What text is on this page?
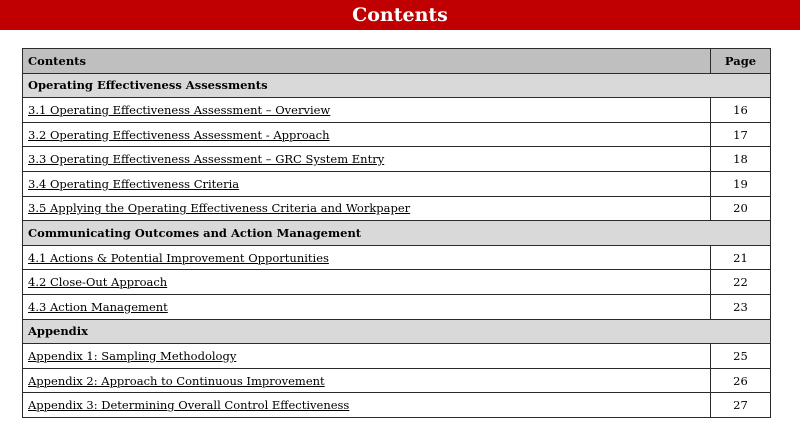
Contents
Contents	Page
Operating Effectiveness Assessments	
3.1 Operating Effectiveness Assessment – Overview	16
3.2 Operating Effectiveness Assessment - Approach	17
3.3 Operating Effectiveness Assessment – GRC System Entry	18
3.4 Operating Effectiveness Criteria	19
3.5 Applying the Operating Effectiveness Criteria and Workpaper	20
Communicating Outcomes and Action Management	
4.1 Actions & Potential Improvement Opportunities	21
4.2 Close-Out Approach	22
4.3 Action Management	23
Appendix	
Appendix 1: Sampling Methodology	25
Appendix 2: Approach to Continuous Improvement	26
Appendix 3: Determining Overall Control Effectiveness	27
